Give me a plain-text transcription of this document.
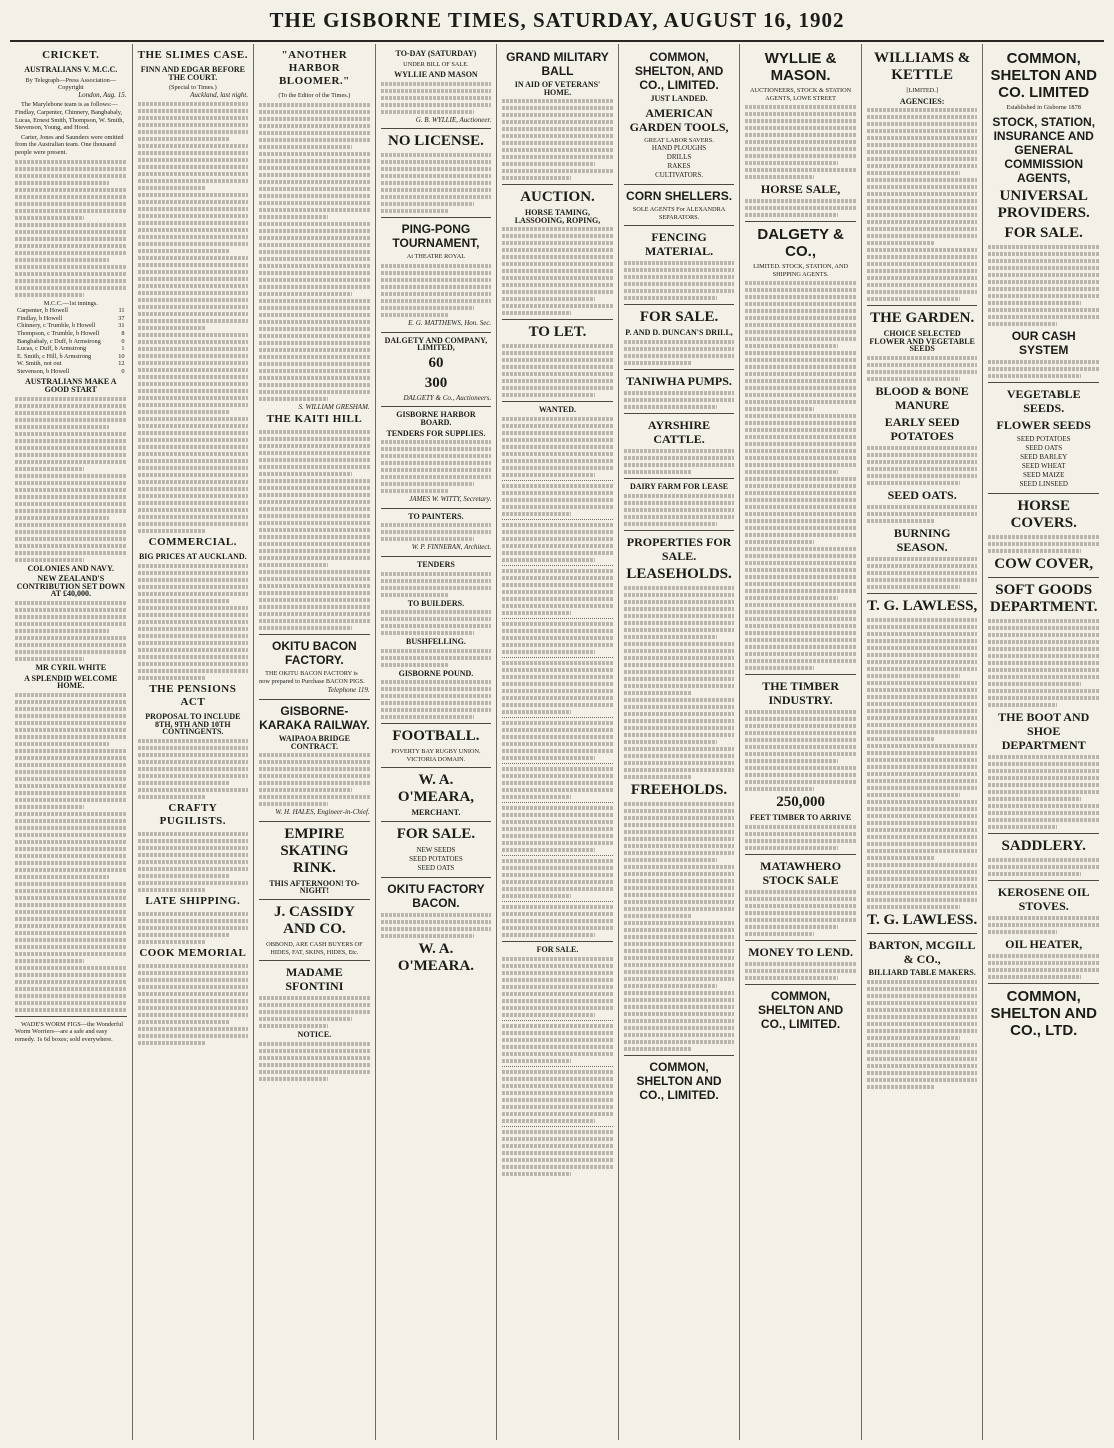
THE GISBORNE TIMES, SATURDAY, AUGUST 16, 1902
CRICKET.
AUSTRALIANS V. M.C.C.
By Telegraph—Press Association—Copyright
London, Aug. 15.

The Marylebone team is as follows:—Findlay, Carpenter, Chinnery, Bangbabaly, Lucas, Ernest Smith, Thompson, W. Smith, Stevenson, Young, and Hood.

Carter, Jones and Saunders were omitted from the Australian team. One thousand people were present.

M.C.C.—1st innings.
Carpenter, b Howell	11
Findlay, b Howell	37
Chinnery, c Trumble, b Howell	31
Thompson, c Trumble, b Howell	8
Bangbabaly, c Duff, b Armstrong	0
Lucas, c Duff, b Armstrong	1
E. Smith, c Hill, b Armstrong	10
W. Smith, not out	12
Stevenson, b Howell	0
AUSTRALIANS MAKE A GOOD START
COLONIES AND NAVY.
NEW ZEALAND'S CONTRIBUTION SET DOWN AT £40,000.
MR CYRIL WHITE
A SPLENDID WELCOME HOME.

WADE'S WORM FIGS—the Wonderful Worm Worriers—are a safe and easy remedy. 1s 6d boxes; sold everywhere.

THE SLIMES CASE.
FINN AND EDGAR BEFORE THE COURT.
(Special to Times.)
Auckland, last night.
COMMERCIAL.
BIG PRICES AT AUCKLAND.
THE PENSIONS ACT
PROPOSAL TO INCLUDE 8TH, 9TH AND 10TH CONTINGENTS.
CRAFTY PUGILISTS.
LATE SHIPPING.
COOK MEMORIAL
"ANOTHER HARBOR BLOOMER."
(To the Editor of the Times.)
S. WILLIAM GRESHAM.
THE KAITI HILL
OKITU BACON FACTORY.

THE OKITU BACON FACTORY is now prepared to Purchase BACON PIGS.

Telephone 119.
GISBORNE-KARAKA RAILWAY.
WAIPAOA BRIDGE CONTRACT.
W. H. HALES, Engineer-in-Chief.
EMPIRE SKATING RINK.
THIS AFTERNOON! TO-NIGHT!
J. CASSIDY AND CO.
OBBOND, ARE CASH BUYERS OF HIDES, FAT, SKINS, HIDES, Etc.
MADAME SFONTINI
NOTICE.
TO-DAY (SATURDAY)
UNDER BILL OF SALE.
WYLLIE AND MASON
G. B. WYLLIE, Auctioneer.
NO LICENSE.
PING-PONG TOURNAMENT,
At THEATRE ROYAL
E. G. MATTHEWS, Hon. Sec.
DALGETY AND COMPANY, LIMITED,
60
300
DALGETY & Co., Auctioneers.
GISBORNE HARBOR BOARD.
TENDERS FOR SUPPLIES.
JAMES W. WITTY, Secretary.
TO PAINTERS.
W. P. FINNERAN, Architect.
TENDERS
TO BUILDERS.
BUSHFELLING.
GISBORNE POUND.
FOOTBALL.
POVERTY BAY RUGBY UNION. VICTORIA DOMAIN.
W. A. O'MEARA,
MERCHANT.
FOR SALE.
NEW SEEDS
SEED POTATOES
SEED OATS
OKITU FACTORY BACON.
W. A. O'MEARA.
GRAND MILITARY BALL
IN AID OF VETERANS' HOME.
AUCTION.
HORSE TAMING, LASSOOING, ROPING,
TO LET.
WANTED.
FOR SALE.
COMMON, SHELTON, AND CO., LIMITED.
JUST LANDED.
AMERICAN GARDEN TOOLS,
GREAT LABOR SAVERS.
HAND PLOUGHS
DRILLS
RAKES
CULTIVATORS.
CORN SHELLERS.
SOLE AGENTS For ALEXANDRA SEPARATORS.
FENCING MATERIAL.
FOR SALE.
P. AND D. DUNCAN'S DRILL,
TANIWHA PUMPS.
AYRSHIRE CATTLE.
DAIRY FARM FOR LEASE
PROPERTIES FOR SALE.
LEASEHOLDS.
FREEHOLDS.
COMMON, SHELTON AND CO., LIMITED.
WYLLIE & MASON.
AUCTIONEERS, STOCK & STATION AGENTS, LOWE STREET
HORSE SALE,
DALGETY & CO.,
LIMITED. STOCK, STATION, AND SHIPPING AGENTS.
THE TIMBER INDUSTRY.
250,000
FEET TIMBER TO ARRIVE
MATAWHERO STOCK SALE
MONEY TO LEND.
COMMON, SHELTON AND CO., LIMITED.
WILLIAMS & KETTLE
[LIMITED.]
AGENCIES:
THE GARDEN.
CHOICE SELECTED FLOWER AND VEGETABLE SEEDS
BLOOD & BONE MANURE
EARLY SEED POTATOES
SEED OATS.
BURNING SEASON.
T. G. LAWLESS,
T. G. LAWLESS.
BARTON, MCGILL & CO.,
BILLIARD TABLE MAKERS.
COMMON, SHELTON AND CO. LIMITED
Established in Gisborne 1878
STOCK, STATION, INSURANCE AND GENERAL COMMISSION AGENTS,
UNIVERSAL PROVIDERS.
FOR SALE.
OUR CASH SYSTEM
VEGETABLE SEEDS.
FLOWER SEEDS
SEED POTATOES
SEED OATS
SEED BARLEY
SEED WHEAT
SEED MAIZE
SEED LINSEED
HORSE COVERS.
COW COVER,
SOFT GOODS DEPARTMENT.
THE BOOT AND SHOE DEPARTMENT
SADDLERY.
KEROSENE OIL STOVES.
OIL HEATER,
COMMON, SHELTON AND CO., LTD.
